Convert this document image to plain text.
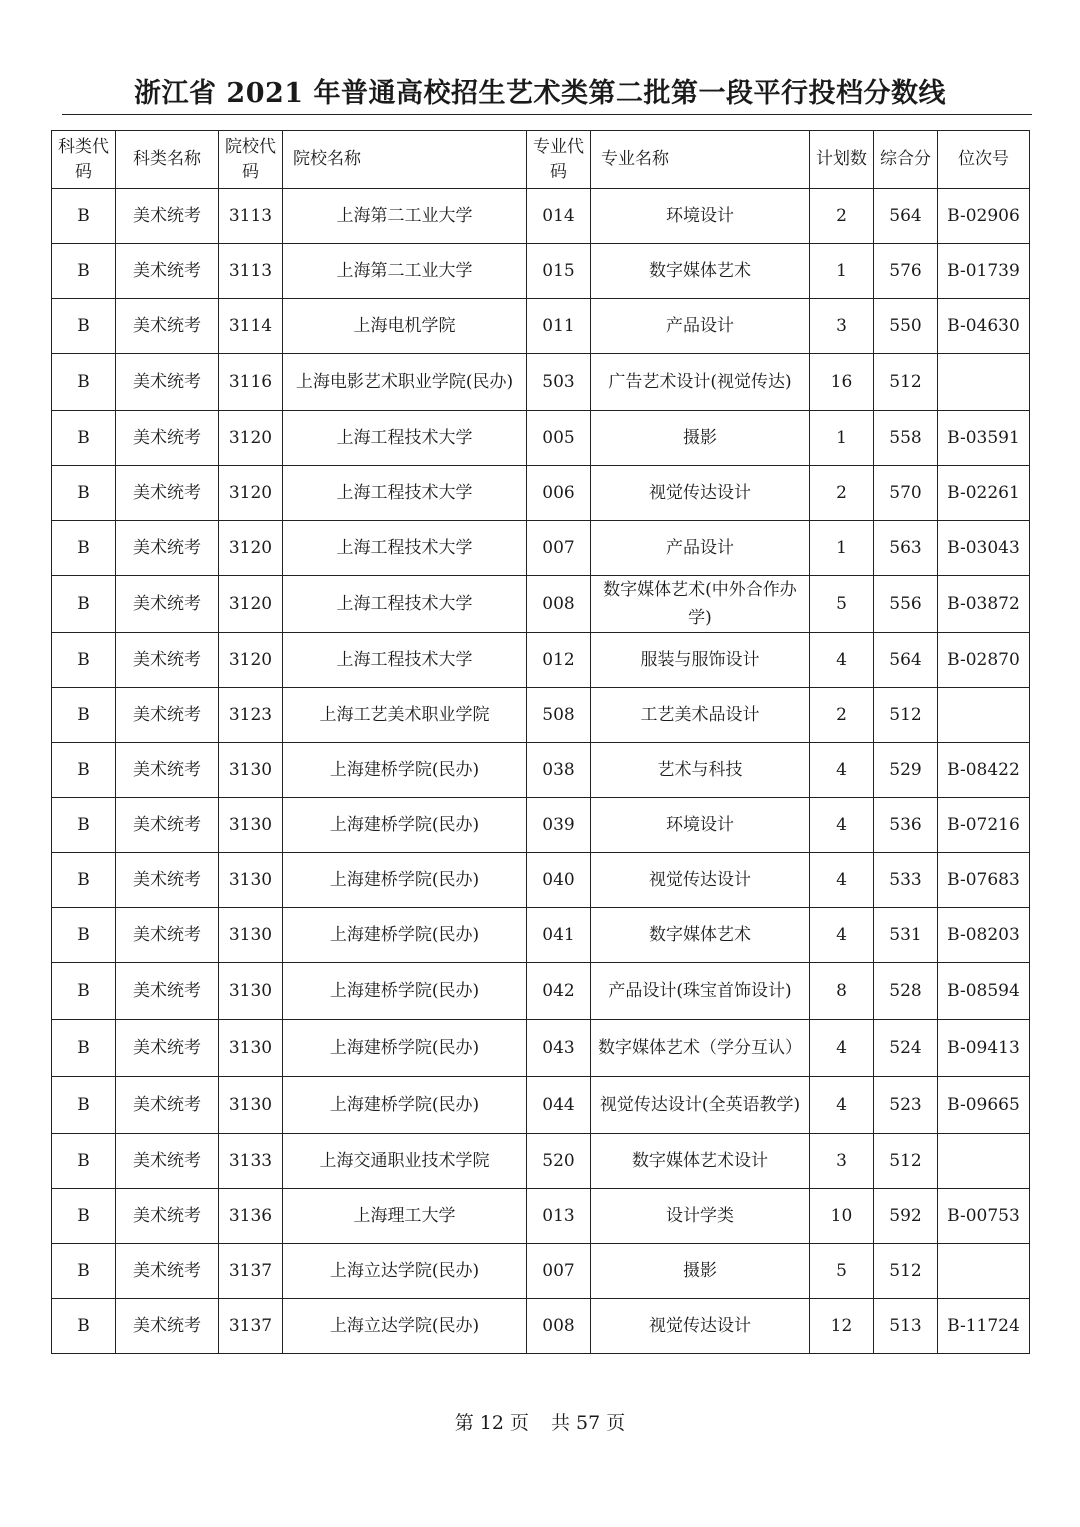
浙江省 2021 年普通高校招生艺术类第二批第一段平行投档分数线
科类代码	科类名称	院校代码	院校名称	专业代码	专业名称	计划数	综合分	位次号
B	美术统考	3113	上海第二工业大学	014	环境设计	2	564	B-02906
B	美术统考	3113	上海第二工业大学	015	数字媒体艺术	1	576	B-01739
B	美术统考	3114	上海电机学院	011	产品设计	3	550	B-04630
B	美术统考	3116	上海电影艺术职业学院(民办)	503	广告艺术设计(视觉传达)	16	512	
B	美术统考	3120	上海工程技术大学	005	摄影	1	558	B-03591
B	美术统考	3120	上海工程技术大学	006	视觉传达设计	2	570	B-02261
B	美术统考	3120	上海工程技术大学	007	产品设计	1	563	B-03043
B	美术统考	3120	上海工程技术大学	008	数字媒体艺术(中外合作办学)	5	556	B-03872
B	美术统考	3120	上海工程技术大学	012	服装与服饰设计	4	564	B-02870
B	美术统考	3123	上海工艺美术职业学院	508	工艺美术品设计	2	512	
B	美术统考	3130	上海建桥学院(民办)	038	艺术与科技	4	529	B-08422
B	美术统考	3130	上海建桥学院(民办)	039	环境设计	4	536	B-07216
B	美术统考	3130	上海建桥学院(民办)	040	视觉传达设计	4	533	B-07683
B	美术统考	3130	上海建桥学院(民办)	041	数字媒体艺术	4	531	B-08203
B	美术统考	3130	上海建桥学院(民办)	042	产品设计(珠宝首饰设计)	8	528	B-08594
B	美术统考	3130	上海建桥学院(民办)	043	数字媒体艺术（学分互认）	4	524	B-09413
B	美术统考	3130	上海建桥学院(民办)	044	视觉传达设计(全英语教学)	4	523	B-09665
B	美术统考	3133	上海交通职业技术学院	520	数字媒体艺术设计	3	512	
B	美术统考	3136	上海理工大学	013	设计学类	10	592	B-00753
B	美术统考	3137	上海立达学院(民办)	007	摄影	5	512	
B	美术统考	3137	上海立达学院(民办)	008	视觉传达设计	12	513	B-11724
第 12 页 共 57 页
